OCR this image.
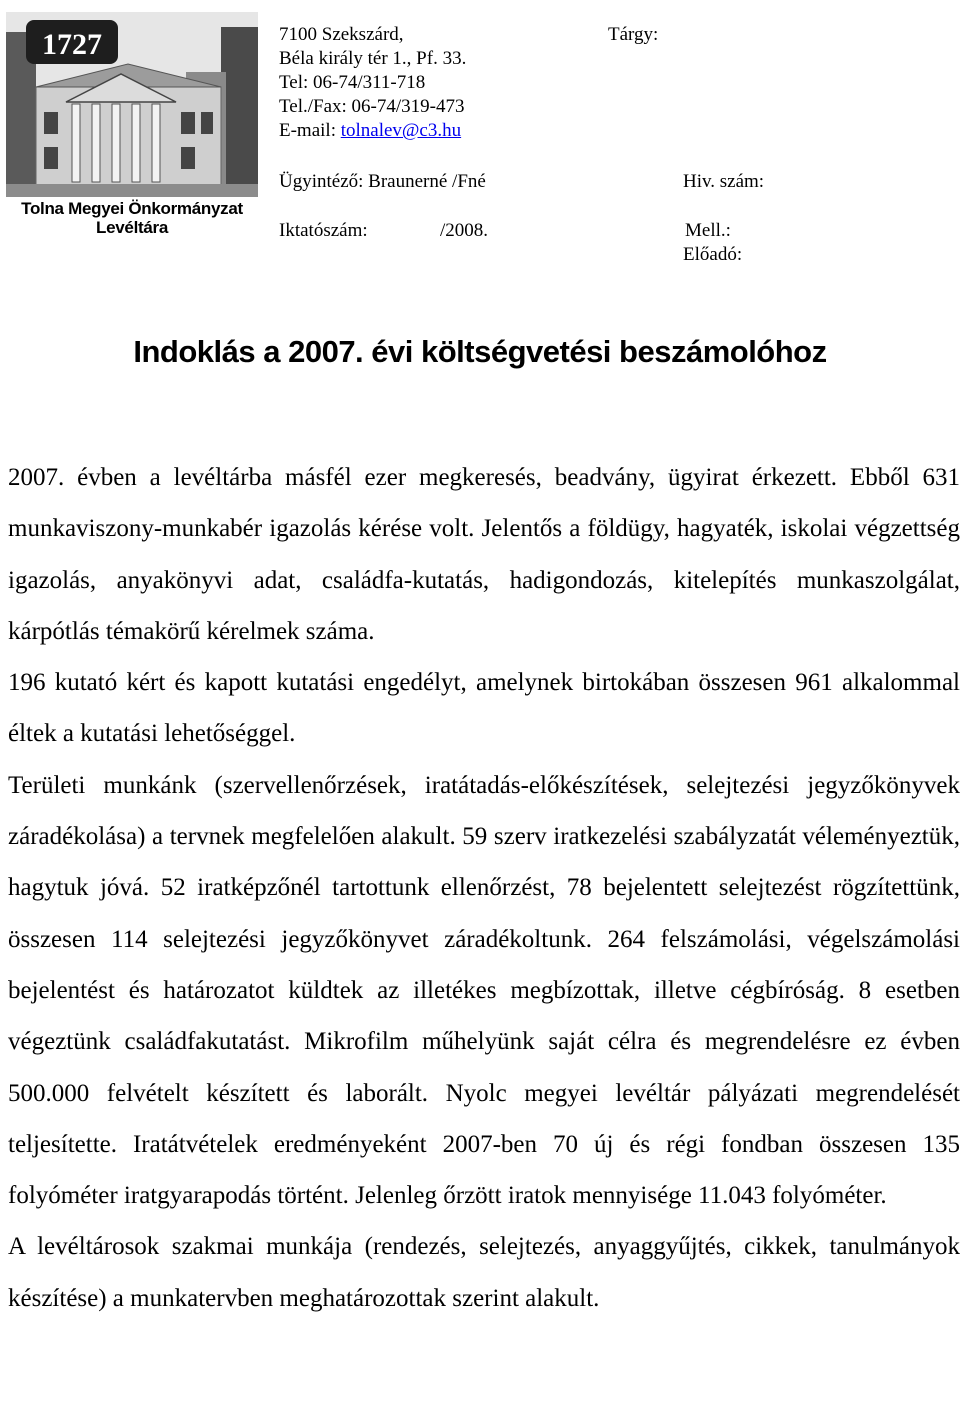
1727
Tolna Megyei Önkormányzat
Levéltára
7100 Szekszárd,
Béla király tér 1., Pf. 33.
Tel: 06-74/311-718
Tel./Fax: 06-74/319-473
E-mail: tolnalev@c3.hu
Ügyintéző: Braunerné /Fné
Iktatószám:	/2008.
Tárgy:
Hiv. szám:
Mell.:
Előadó:
Indoklás a 2007. évi költségvetési beszámolóhoz

2007. évben a levéltárba másfél ezer megkeresés, beadvány, ügyirat érkezett. Ebből 631 munkaviszony-munkabér igazolás kérése volt. Jelentős a földügy, hagyaték, iskolai végzettség igazolás, anyakönyvi adat, családfa-kutatás, hadigondozás, kitelepítés munkaszolgálat, kárpótlás témakörű kérelmek száma.

196 kutató kért és kapott kutatási engedélyt, amelynek birtokában összesen 961 alkalommal éltek a kutatási lehetőséggel.

Területi munkánk (szervellenőrzések, iratátadás-előkészítések, selejtezési jegyzőkönyvek záradékolása) a tervnek megfelelően alakult. 59 szerv iratkezelési szabályzatát véleményeztük, hagytuk jóvá. 52 iratképzőnél tartottunk ellenőrzést, 78 bejelentett selejtezést rögzítettünk, összesen 114 selejtezési jegyzőkönyvet záradékoltunk. 264 felszámolási, végelszámolási bejelentést és határozatot küldtek az illetékes megbízottak, illetve cégbíróság. 8 esetben végeztünk családfakutatást. Mikrofilm műhelyünk saját célra és megrendelésre ez évben 500.000 felvételt készített és laborált. Nyolc megyei levéltár pályázati megrendelését teljesítette. Iratátvételek eredményeként 2007-ben 70 új és régi fondban összesen 135 folyóméter iratgyarapodás történt. Jelenleg őrzött iratok mennyisége 11.043 folyóméter.

A levéltárosok szakmai munkája (rendezés, selejtezés, anyaggyűjtés, cikkek, tanulmányok készítése) a munkatervben meghatározottak szerint alakult.
